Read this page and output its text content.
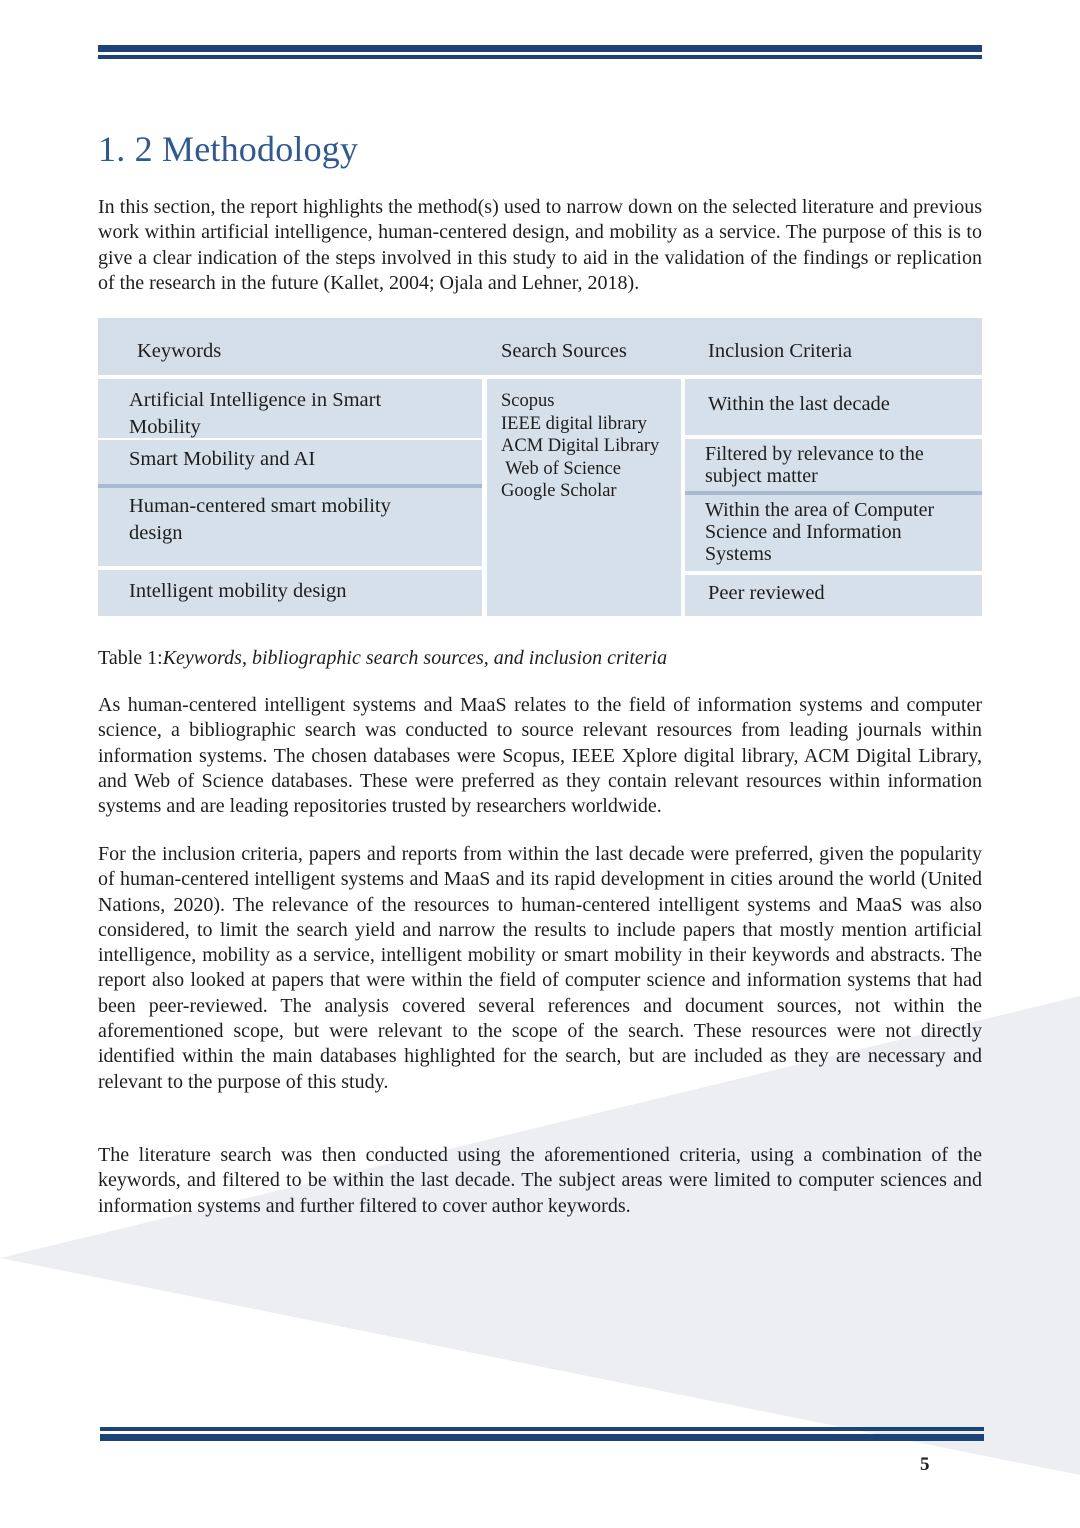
1. 2 Methodology

In this section, the report highlights the method(s) used to narrow down on the selected literature and previous work within artificial intelligence, human-centered design, and mobility as a service. The purpose of this is to give a clear indication of the steps involved in this study to aid in the validation of the findings or replication of the research in the future (Kallet, 2004; Ojala and Lehner, 2018).

Keywords	Search Sources	Inclusion Criteria
Artificial Intelligence in Smart Mobility
Smart Mobility and AI
Human-centered smart mobility design
Intelligent mobility design
Scopus
IEEE digital library
ACM Digital Library
Web of Science
Google Scholar
Within the last decade
Filtered by relevance to the subject matter
Within the area of Computer Science and Information Systems
Peer reviewed

Table 1:Keywords, bibliographic search sources, and inclusion criteria

As human-centered intelligent systems and MaaS relates to the field of information systems and computer science, a bibliographic search was conducted to source relevant resources from leading journals within information systems. The chosen databases were Scopus, IEEE Xplore digital library, ACM Digital Library, and Web of Science databases. These were preferred as they contain relevant resources within information systems and are leading repositories trusted by researchers worldwide.

For the inclusion criteria, papers and reports from within the last decade were preferred, given the popularity of human-centered intelligent systems and MaaS and its rapid development in cities around the world (United Nations, 2020). The relevance of the resources to human-centered intelligent systems and MaaS was also considered, to limit the search yield and narrow the results to include papers that mostly mention artificial intelligence, mobility as a service, intelligent mobility or smart mobility in their keywords and abstracts. The report also looked at papers that were within the field of computer science and information systems that had been peer-reviewed. The analysis covered several references and document sources, not within the aforementioned scope, but were relevant to the scope of the search. These resources were not directly identified within the main databases highlighted for the search, but are included as they are necessary and relevant to the purpose of this study.

The literature search was then conducted using the aforementioned criteria, using a combination of the keywords, and filtered to be within the last decade. The subject areas were limited to computer sciences and information systems and further filtered to cover author keywords.

5
